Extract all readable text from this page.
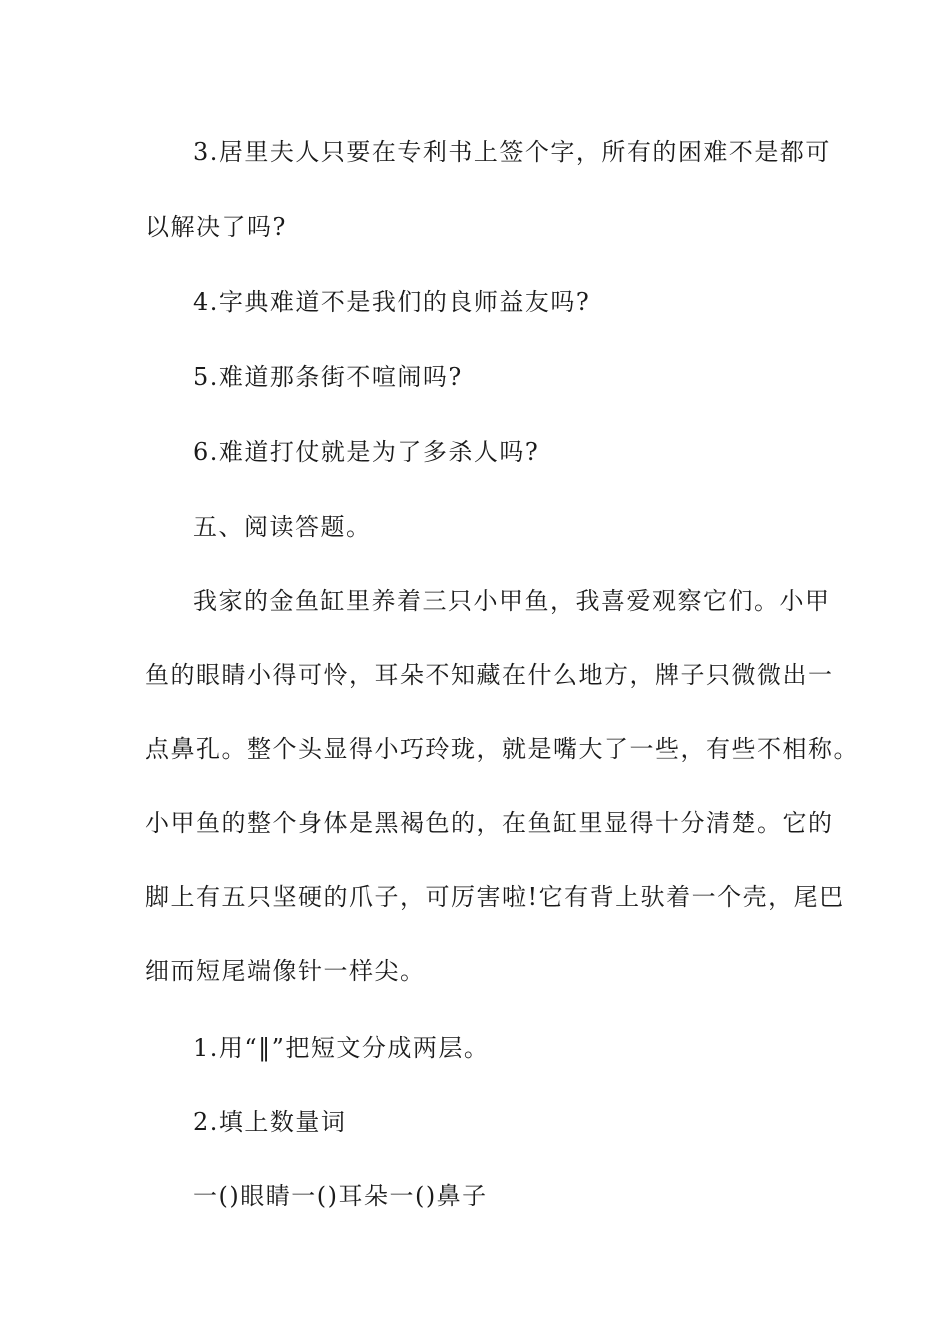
3.居里夫人只要在专利书上签个字，所有的困难不是都可
以解决了吗?
4.字典难道不是我们的良师益友吗?
5.难道那条街不喧闹吗?
6.难道打仗就是为了多杀人吗?
五、阅读答题。
我家的金鱼缸里养着三只小甲鱼，我喜爱观察它们。小甲
鱼的眼睛小得可怜，耳朵不知藏在什么地方，牌子只微微出一
点鼻孔。整个头显得小巧玲珑，就是嘴大了一些，有些不相称。
小甲鱼的整个身体是黑褐色的，在鱼缸里显得十分清楚。它的
脚上有五只坚硬的爪子，可厉害啦!它有背上驮着一个壳，尾巴
细而短尾端像针一样尖。
1.用“‖”把短文分成两层。
2.填上数量词
一()眼睛一()耳朵一()鼻子
